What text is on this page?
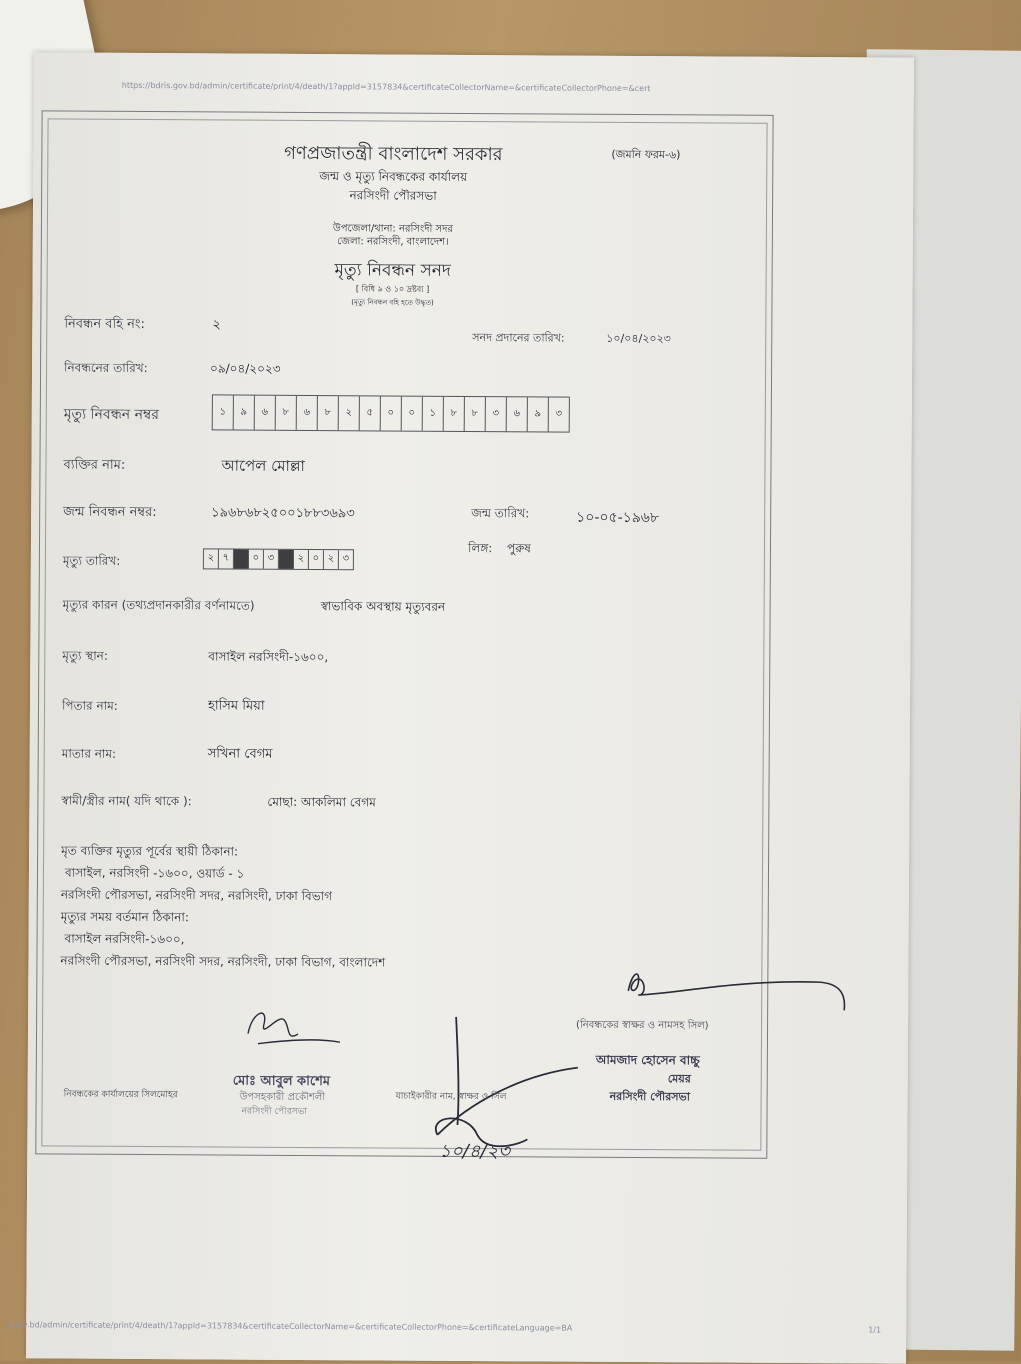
https://bdris.gov.bd/admin/certificate/print/4/death/1?appId=3157834&certificateCollectorName=&certificateCollectorPhone=&cert
গণপ্রজাতন্ত্রী বাংলাদেশ সরকার	(জমনি ফরম-৬)
জন্ম ও মৃত্যু নিবন্ধকের কার্যালয়
নরসিংদী পৌরসভা
উপজেলা/থানা: নরসিংদী সদর
জেলা: নরসিংদী, বাংলাদেশ।
মৃত্যু নিবন্ধন সনদ
[ বিধি ৯ ও ১০ দ্রষ্টব্য ]
(মৃত্যু নিবন্ধন বহি হতে উদ্ধৃত)
নিবন্ধন বহি নং:	২
সনদ প্রদানের তারিখ:	১০/০৪/২০২৩
নিবন্ধনের তারিখ:	০৯/০৪/২০২৩
মৃত্যু নিবন্ধন নম্বর	১	৯	৬	৮	৬	৮	২	৫	০	০	১	৮	৮	৩	৬	৯	৩
ব্যক্তির নাম:	আপেল মোল্লা
জন্ম নিবন্ধন নম্বর:	১৯৬৮৬৮২৫০০১৮৮৩৬৯৩	জন্ম তারিখ:	১০-০৫-১৯৬৮
লিঙ্গ: পুরুষ
মৃত্যু তারিখ:	২ ৭	০ ৩	২ ০ ২ ৩
মৃত্যুর কারন (তথ্যপ্রদানকারীর বর্ণনামতে)	স্বাভাবিক অবস্থায় মৃত্যুবরন
মৃত্যু স্থান:	বাসাইল নরসিংদী-১৬০০,
পিতার নাম:	হাসিম মিয়া
মাতার নাম:	সখিনা বেগম
স্বামী/স্ত্রীর নাম( যদি থাকে ):	মোছা: আকলিমা বেগম
মৃত ব্যক্তির মৃত্যুর পূর্বের স্থায়ী ঠিকানা:
বাসাইল, নরসিংদী -১৬০০, ওয়ার্ড - ১
নরসিংদী পৌরসভা, নরসিংদী সদর, নরসিংদী, ঢাকা বিভাগ
মৃত্যুর সময় বর্তমান ঠিকানা:
বাসাইল নরসিংদী-১৬০০,
নরসিংদী পৌরসভা, নরসিংদী সদর, নরসিংদী, ঢাকা বিভাগ, বাংলাদেশ
মোঃ আবুল কাশেম
উপসহকারী প্রকৌশলী
নরসিংদী পৌরসভা
নিবন্ধকের কার্যালয়ের সিলমোহর	যাচাইকারীর নাম, স্বাক্ষর ও সিল
(নিবন্ধকের স্বাক্ষর ও নামসহ সিল)
আমজাদ হোসেন বাচ্চু
মেয়র
নরসিংদী পৌরসভা
১০/৪/২৩
s.gov.bd/admin/certificate/print/4/death/1?appId=3157834&certificateCollectorName=&certificateCollectorPhone=&certificateLanguage=BA	1/1
